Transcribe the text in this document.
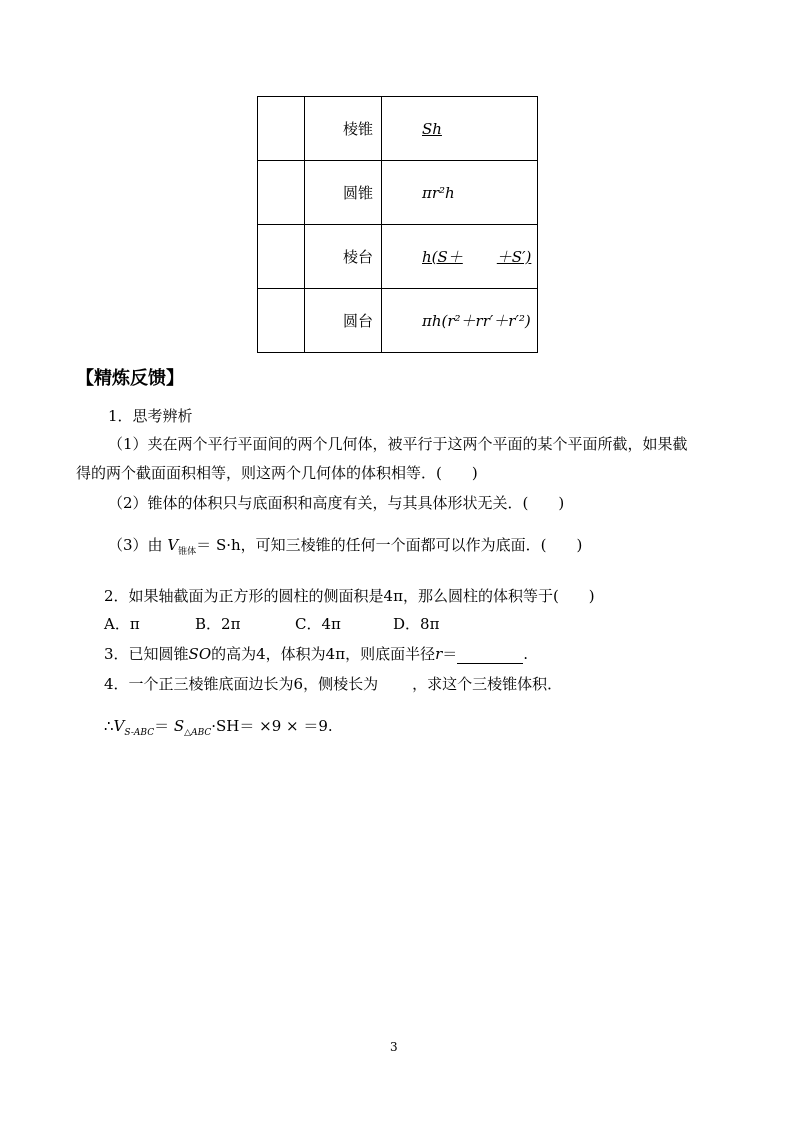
	棱锥	Sh
	圆锥	πr²h
	棱台	h(S＋ ＋S′)
	圆台	πh(r²＋rr′＋r′²)
【精炼反馈】
1．思考辨析
（1）夹在两个平行平面间的两个几何体，被平行于这两个平面的某个平面所截，如果截
得的两个截面面积相等，则这两个几何体的体积相等．(　　)
（2）锥体的体积只与底面积和高度有关，与其具体形状无关．(　　)
（3）由 $V_{锥体}= S\cdot h$，可知三棱锥的任何一个面都可以作为底面．(　　)
2．如果轴截面为正方形的圆柱的侧面积是4π，那么圆柱的体积等于(　　)
A．π	B．2π	C．4π	D．8π
3．已知圆锥SO的高为4，体积为4π，则底面半径r＝	.
4．一个正三棱锥底面边长为6，侧棱长为 ，求这个三棱锥体积．
$\therefore V_{S-ABC}= S_{\triangle ABC}\cdot SH= \times 9 \times =9$.
3
